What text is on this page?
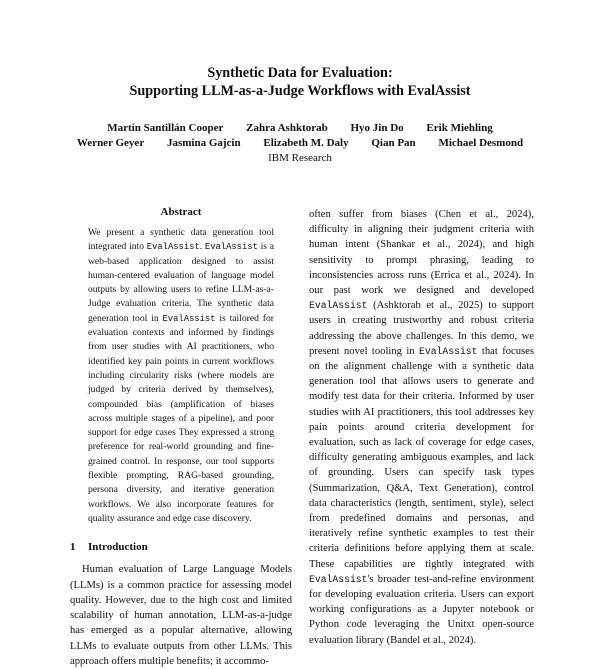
Synthetic Data for Evaluation:
Supporting LLM-as-a-Judge Workflows with EvalAssist
Martín Santillán Cooper Zahra Ashktorab Hyo Jin Do Erik Miehling
Werner Geyer Jasmina Gajcin Elizabeth M. Daly Qian Pan Michael Desmond
IBM Research
Abstract
We present a synthetic data generation tool integrated into EvalAssist. EvalAssist is a web-based application designed to assist human-centered evaluation of language model outputs by allowing users to refine LLM-as-a-Judge evaluation criteria. The synthetic data generation tool in EvalAssist is tailored for evaluation contexts and informed by findings from user studies with AI practitioners, who identified key pain points in current workflows including circularity risks (where models are judged by criteria derived by themselves), compounded bias (amplification of biases across multiple stages of a pipeline), and poor support for edge cases They expressed a strong preference for real-world grounding and fine-grained control. In response, our tool supports flexible prompting, RAG-based grounding, persona diversity, and iterative generation workflows. We also incorporate features for quality assurance and edge case discovery.
1 Introduction

Human evaluation of Large Language Models (LLMs) is a common practice for assessing model quality. However, due to the high cost and limited scalability of human annotation, LLM-as-a-judge has emerged as a popular alternative, allowing LLMs to evaluate outputs from other LLMs. This approach offers multiple benefits; it accommo-

often suffer from biases (Chen et al., 2024), difficulty in aligning their judgment criteria with human intent (Shankar et al., 2024), and high sensitivity to prompt phrasing, leading to inconsistencies across runs (Errica et al., 2024). In our past work we designed and developed EvalAssist (Ashktorab et al., 2025) to support users in creating trustworthy and robust criteria addressing the above challenges. In this demo, we present novel tooling in EvalAssist that focuses on the alignment challenge with a synthetic data generation tool that allows users to generate and modify test data for their criteria. Informed by user studies with AI practitioners, this tool addresses key pain points around criteria development for evaluation, such as lack of coverage for edge cases, difficulty generating ambiguous examples, and lack of grounding. Users can specify task types (Summarization, Q&A, Text Generation), control data characteristics (length, sentiment, style), select from predefined domains and personas, and iteratively refine synthetic examples to test their criteria definitions before applying them at scale. These capabilities are tightly integrated with EvalAssist's broader test-and-refine environment for developing evaluation criteria. Users can export working configurations as a Jupyter notebook or Python code leveraging the Unitxt open-source evaluation library (Bandel et al., 2024).
